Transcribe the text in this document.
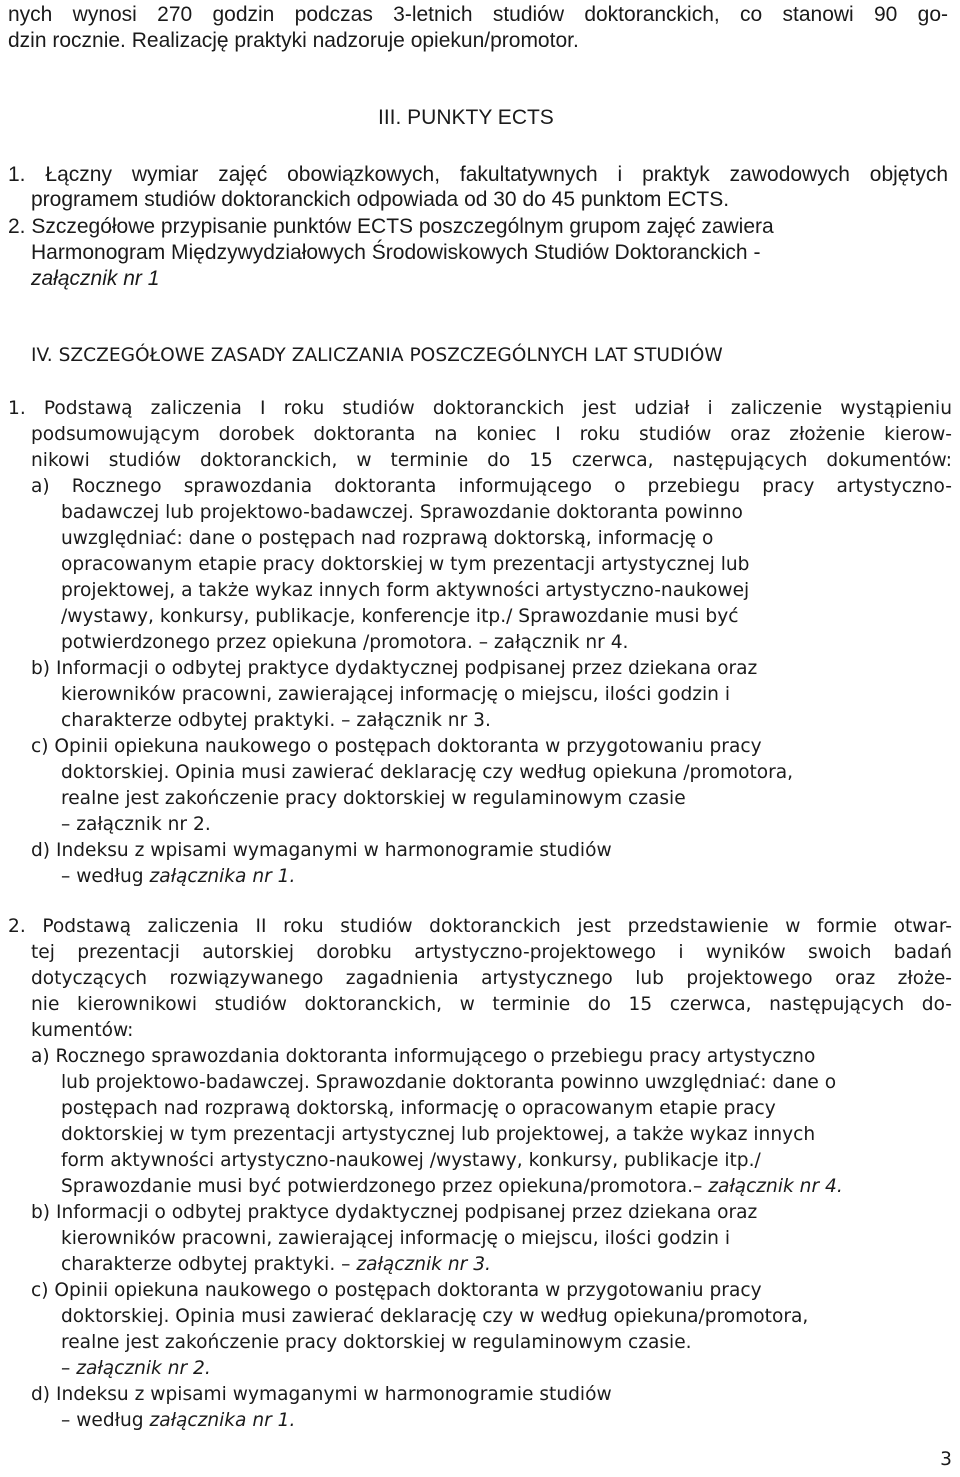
nych wynosi 270 godzin podczas 3-letnich studiów doktoranckich, co stanowi 90 go-

dzin rocznie. Realizację praktyki nadzoruje opiekun/promotor.

III. PUNKTY ECTS

1. Łączny wymiar zajęć obowiązkowych, fakultatywnych i praktyk zawodowych objętych

programem studiów doktoranckich odpowiada od 30 do 45 punktom ECTS.

2. Szczegółowe przypisanie punktów ECTS poszczególnym grupom zajęć zawiera

Harmonogram Międzywydziałowych Środowiskowych Studiów Doktoranckich -

załącznik nr 1

IV. SZCZEGÓŁOWE ZASADY ZALICZANIA POSZCZEGÓLNYCH LAT STUDIÓW

1. Podstawą zaliczenia I roku studiów doktoranckich jest udział i zaliczenie wystąpieniu

podsumowującym dorobek doktoranta na koniec I roku studiów oraz złożenie kierow-

nikowi studiów doktoranckich, w terminie do 15 czerwca, następujących dokumentów:

a) Rocznego sprawozdania doktoranta informującego o przebiegu pracy artystyczno-

badawczej lub projektowo-badawczej. Sprawozdanie doktoranta powinno

uwzględniać: dane o postępach nad rozprawą doktorską, informację o

opracowanym etapie pracy doktorskiej w tym prezentacji artystycznej lub

projektowej, a także wykaz innych form aktywności artystyczno-naukowej

/wystawy, konkursy, publikacje, konferencje itp./ Sprawozdanie musi być

potwierdzonego przez opiekuna /promotora. – załącznik nr 4.

b) Informacji o odbytej praktyce dydaktycznej podpisanej przez dziekana oraz

kierowników pracowni, zawierającej informację o miejscu, ilości godzin i

charakterze odbytej praktyki. – załącznik nr 3.

c) Opinii opiekuna naukowego o postępach doktoranta w przygotowaniu pracy

doktorskiej. Opinia musi zawierać deklarację czy według opiekuna /promotora,

realne jest zakończenie pracy doktorskiej w regulaminowym czasie

– załącznik nr 2.

d) Indeksu z wpisami wymaganymi w harmonogramie studiów

– według załącznika nr 1.

2. Podstawą zaliczenia II roku studiów doktoranckich jest przedstawienie w formie otwar-

tej prezentacji autorskiej dorobku artystyczno-projektowego i wyników swoich badań

dotyczących rozwiązywanego zagadnienia artystycznego lub projektowego oraz złoże-

nie kierownikowi studiów doktoranckich, w terminie do 15 czerwca, następujących do-

kumentów:

a) Rocznego sprawozdania doktoranta informującego o przebiegu pracy artystyczno

lub projektowo-badawczej. Sprawozdanie doktoranta powinno uwzględniać: dane o

postępach nad rozprawą doktorską, informację o opracowanym etapie pracy

doktorskiej w tym prezentacji artystycznej lub projektowej, a także wykaz innych

form aktywności artystyczno-naukowej /wystawy, konkursy, publikacje itp./

Sprawozdanie musi być potwierdzonego przez opiekuna/promotora.– załącznik nr 4.

b) Informacji o odbytej praktyce dydaktycznej podpisanej przez dziekana oraz

kierowników pracowni, zawierającej informację o miejscu, ilości godzin i

charakterze odbytej praktyki. – załącznik nr 3.

c) Opinii opiekuna naukowego o postępach doktoranta w przygotowaniu pracy

doktorskiej. Opinia musi zawierać deklarację czy w według opiekuna/promotora,

realne jest zakończenie pracy doktorskiej w regulaminowym czasie.

– załącznik nr 2.

d) Indeksu z wpisami wymaganymi w harmonogramie studiów

– według załącznika nr 1.

3
